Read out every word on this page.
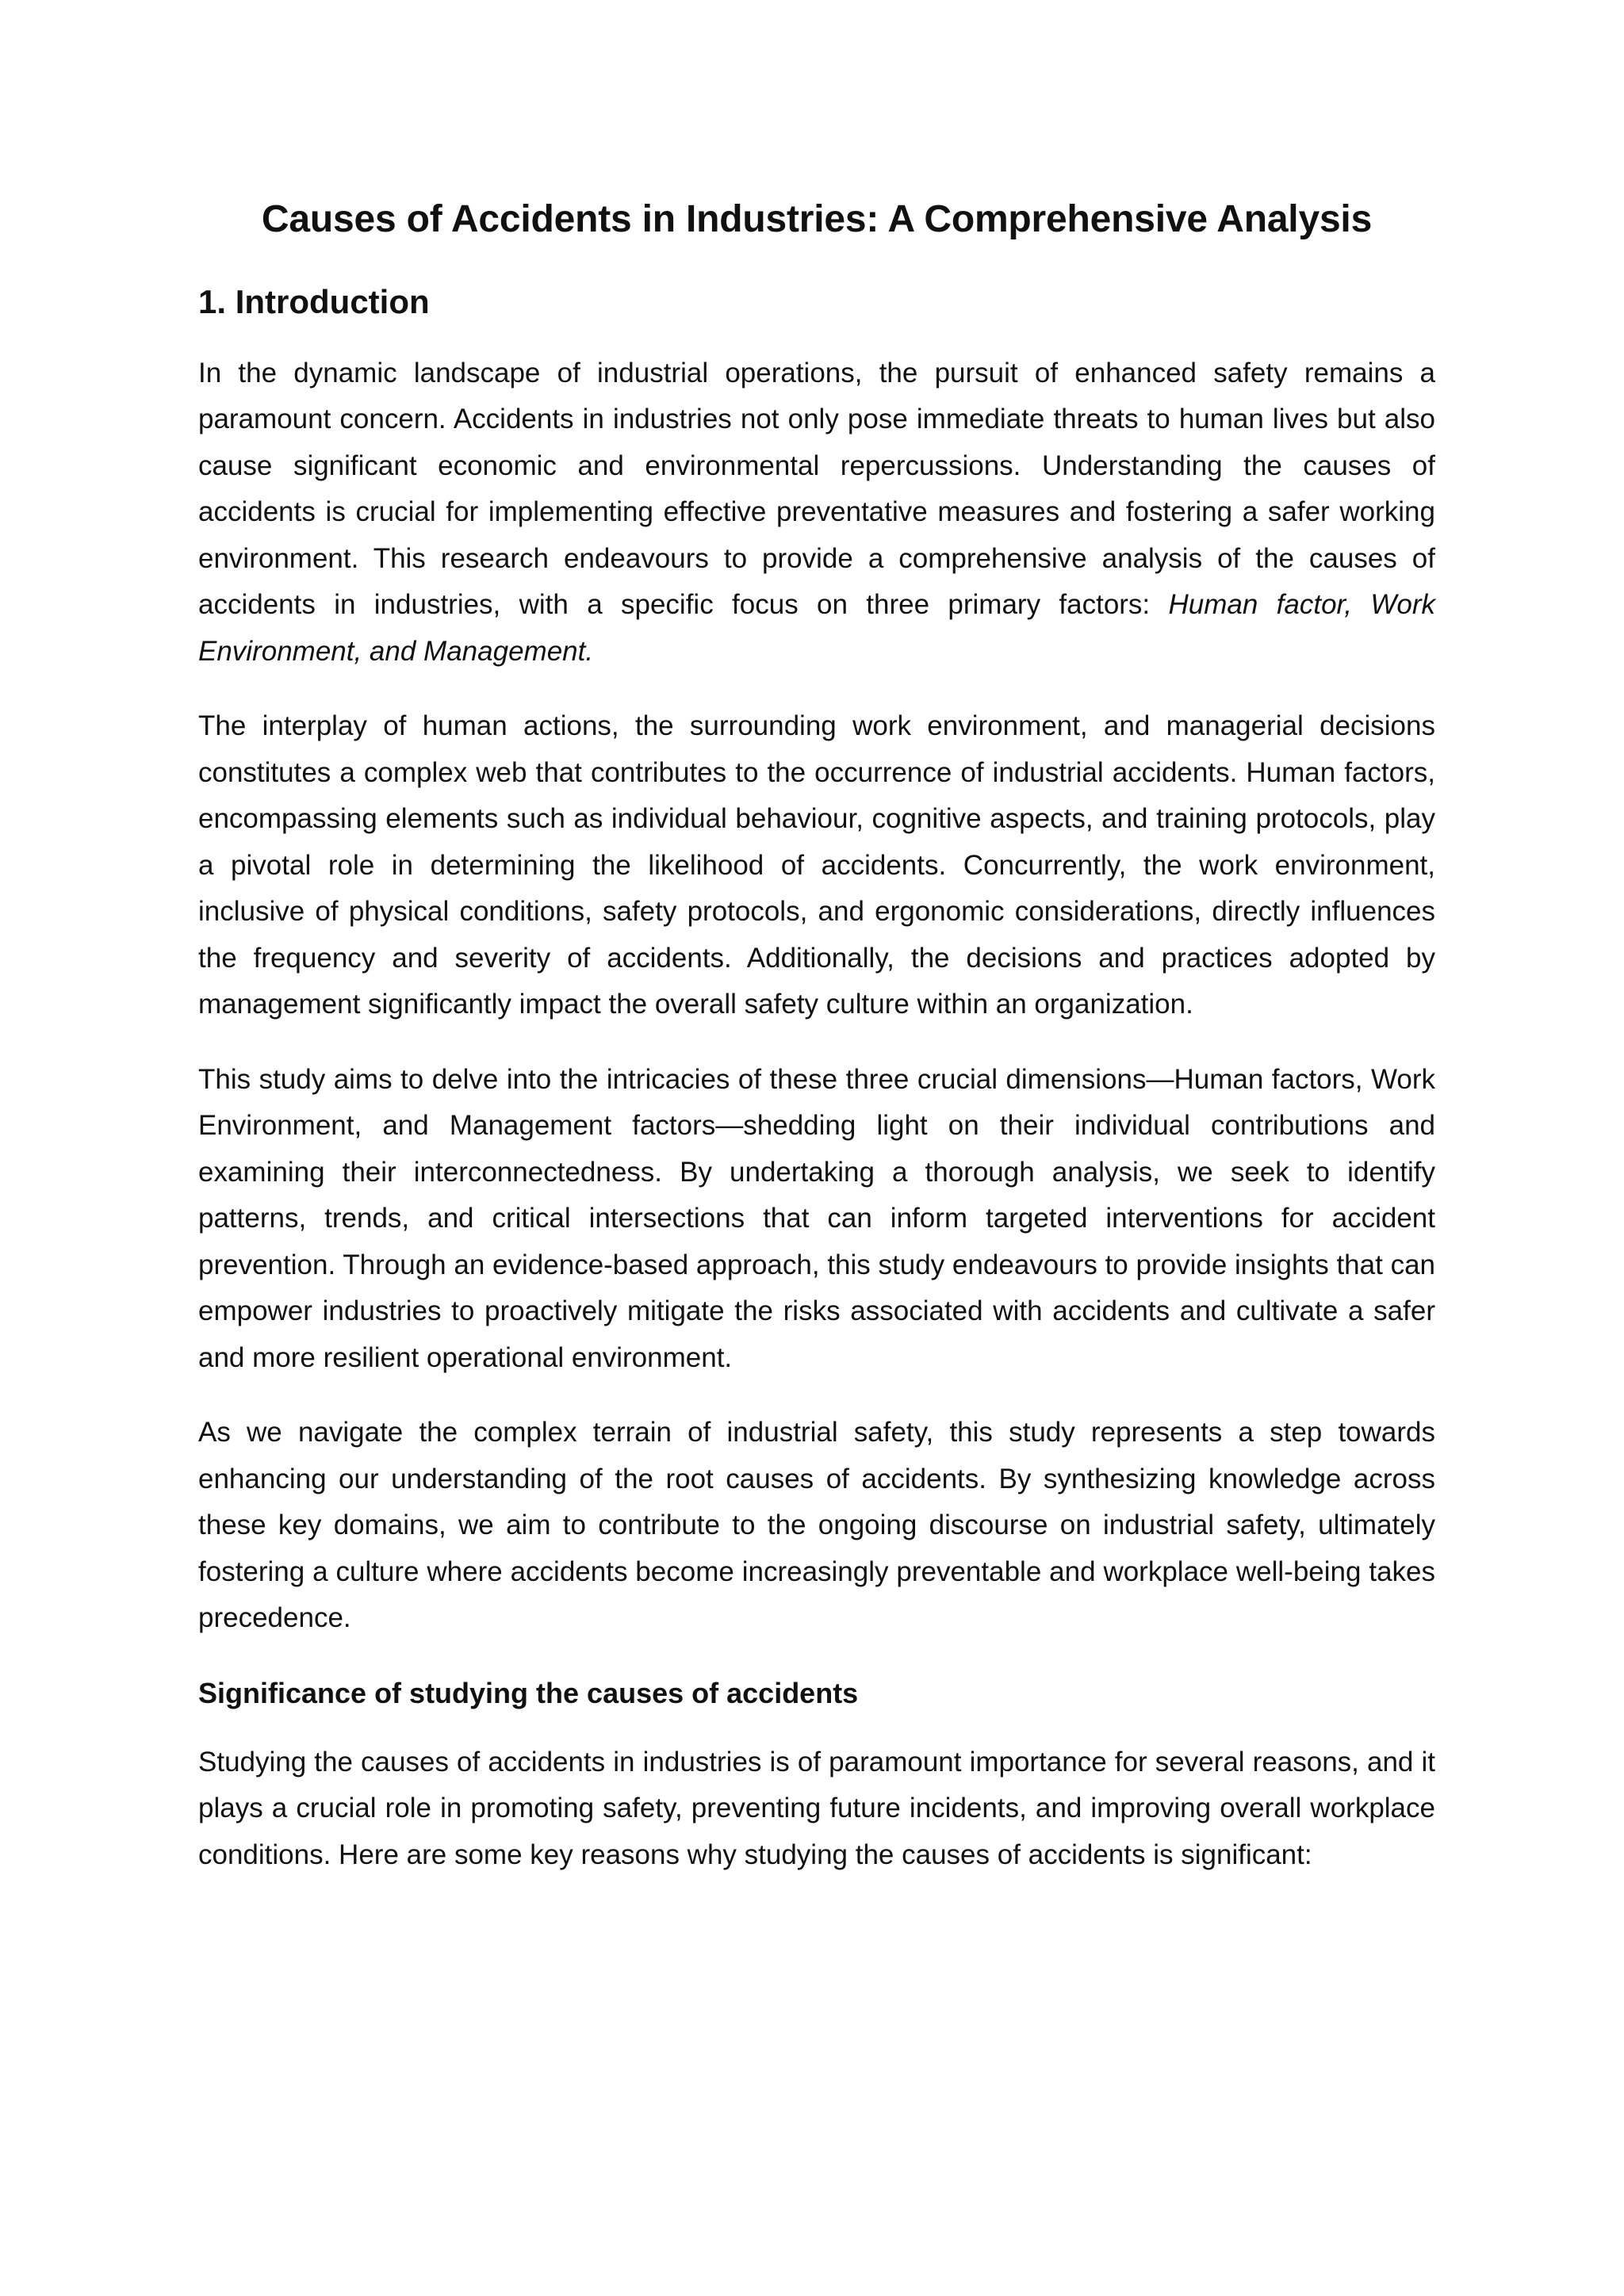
Causes of Accidents in Industries: A Comprehensive Analysis
1. Introduction

In the dynamic landscape of industrial operations, the pursuit of enhanced safety remains a paramount concern. Accidents in industries not only pose immediate threats to human lives but also cause significant economic and environmental repercussions. Understanding the causes of accidents is crucial for implementing effective preventative measures and fostering a safer working environment. This research endeavours to provide a comprehensive analysis of the causes of accidents in industries, with a specific focus on three primary factors: Human factor, Work Environment, and Management.

The interplay of human actions, the surrounding work environment, and managerial decisions constitutes a complex web that contributes to the occurrence of industrial accidents. Human factors, encompassing elements such as individual behaviour, cognitive aspects, and training protocols, play a pivotal role in determining the likelihood of accidents. Concurrently, the work environment, inclusive of physical conditions, safety protocols, and ergonomic considerations, directly influences the frequency and severity of accidents. Additionally, the decisions and practices adopted by management significantly impact the overall safety culture within an organization.

This study aims to delve into the intricacies of these three crucial dimensions—Human factors, Work Environment, and Management factors—shedding light on their individual contributions and examining their interconnectedness. By undertaking a thorough analysis, we seek to identify patterns, trends, and critical intersections that can inform targeted interventions for accident prevention. Through an evidence-based approach, this study endeavours to provide insights that can empower industries to proactively mitigate the risks associated with accidents and cultivate a safer and more resilient operational environment.

As we navigate the complex terrain of industrial safety, this study represents a step towards enhancing our understanding of the root causes of accidents. By synthesizing knowledge across these key domains, we aim to contribute to the ongoing discourse on industrial safety, ultimately fostering a culture where accidents become increasingly preventable and workplace well-being takes precedence.

Significance of studying the causes of accidents

Studying the causes of accidents in industries is of paramount importance for several reasons, and it plays a crucial role in promoting safety, preventing future incidents, and improving overall workplace conditions. Here are some key reasons why studying the causes of accidents is significant:
